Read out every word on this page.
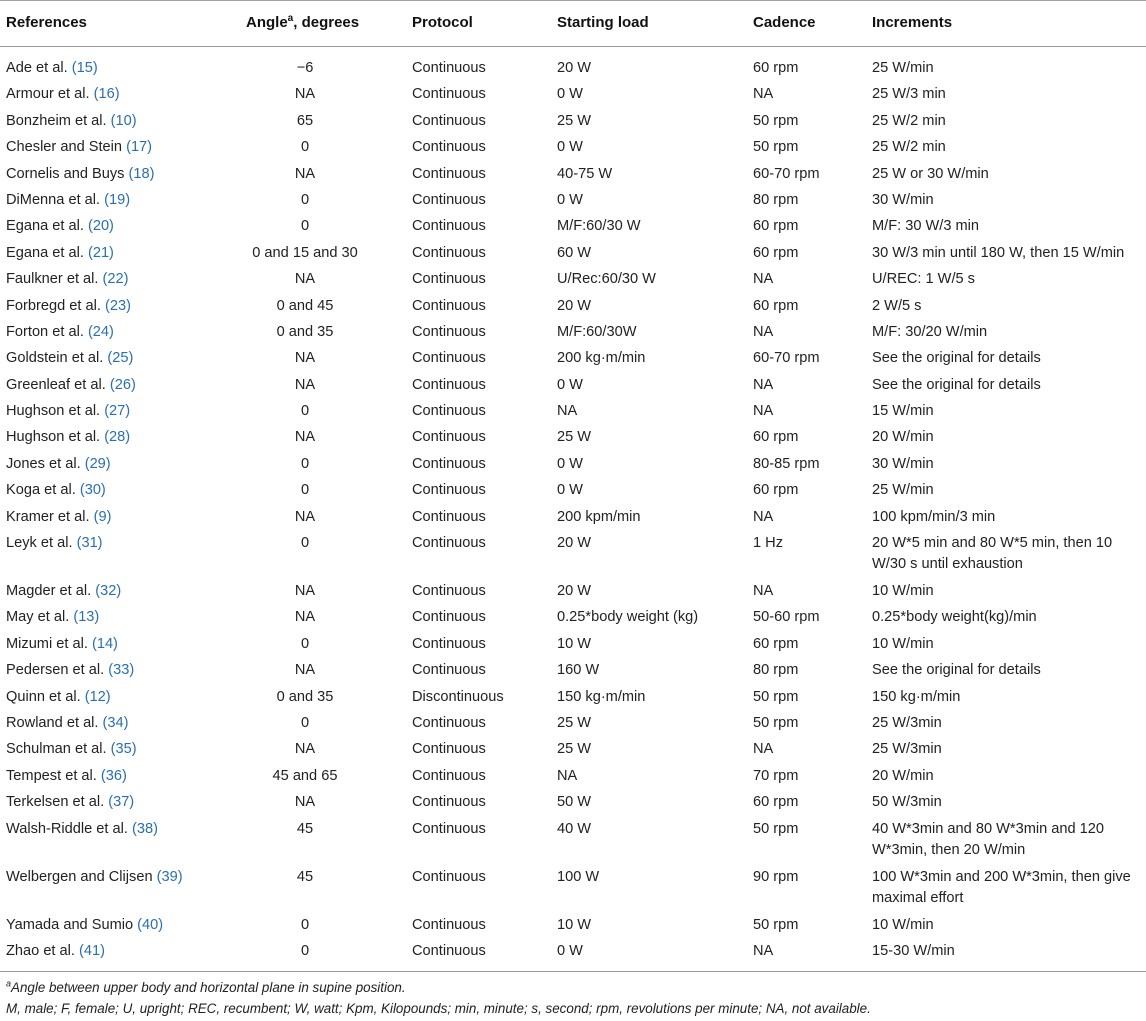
References	Angle$^a$, degrees	Protocol	Starting load	Cadence	Increments
Ade et al. (15)	−6	Continuous	20 W	60 rpm	25 W/min
Armour et al. (16)	NA	Continuous	0 W	NA	25 W/3 min
Bonzheim et al. (10)	65	Continuous	25 W	50 rpm	25 W/2 min
Chesler and Stein (17)	0	Continuous	0 W	50 rpm	25 W/2 min
Cornelis and Buys (18)	NA	Continuous	40-75 W	60-70 rpm	25 W or 30 W/min
DiMenna et al. (19)	0	Continuous	0 W	80 rpm	30 W/min
Egana et al. (20)	0	Continuous	M/F:60/30 W	60 rpm	M/F: 30 W/3 min
Egana et al. (21)	0 and 15 and 30	Continuous	60 W	60 rpm	30 W/3 min until 180 W, then 15 W/min
Faulkner et al. (22)	NA	Continuous	U/Rec:60/30 W	NA	U/REC: 1 W/5 s
Forbregd et al. (23)	0 and 45	Continuous	20 W	60 rpm	2 W/5 s
Forton et al. (24)	0 and 35	Continuous	M/F:60/30W	NA	M/F: 30/20 W/min
Goldstein et al. (25)	NA	Continuous	200 kg·m/min	60-70 rpm	See the original for details
Greenleaf et al. (26)	NA	Continuous	0 W	NA	See the original for details
Hughson et al. (27)	0	Continuous	NA	NA	15 W/min
Hughson et al. (28)	NA	Continuous	25 W	60 rpm	20 W/min
Jones et al. (29)	0	Continuous	0 W	80-85 rpm	30 W/min
Koga et al. (30)	0	Continuous	0 W	60 rpm	25 W/min
Kramer et al. (9)	NA	Continuous	200 kpm/min	NA	100 kpm/min/3 min
Leyk et al. (31)	0	Continuous	20 W	1 Hz	20 W*5 min and 80 W*5 min, then 10 W/30 s until exhaustion
Magder et al. (32)	NA	Continuous	20 W	NA	10 W/min
May et al. (13)	NA	Continuous	0.25*body weight (kg)	50-60 rpm	0.25*body weight(kg)/min
Mizumi et al. (14)	0	Continuous	10 W	60 rpm	10 W/min
Pedersen et al. (33)	NA	Continuous	160 W	80 rpm	See the original for details
Quinn et al. (12)	0 and 35	Discontinuous	150 kg·m/min	50 rpm	150 kg·m/min
Rowland et al. (34)	0	Continuous	25 W	50 rpm	25 W/3min
Schulman et al. (35)	NA	Continuous	25 W	NA	25 W/3min
Tempest et al. (36)	45 and 65	Continuous	NA	70 rpm	20 W/min
Terkelsen et al. (37)	NA	Continuous	50 W	60 rpm	50 W/3min
Walsh-Riddle et al. (38)	45	Continuous	40 W	50 rpm	40 W*3min and 80 W*3min and 120 W*3min, then 20 W/min
Welbergen and Clijsen (39)	45	Continuous	100 W	90 rpm	100 W*3min and 200 W*3min, then give maximal effort
Yamada and Sumio (40)	0	Continuous	10 W	50 rpm	10 W/min
Zhao et al. (41)	0	Continuous	0 W	NA	15-30 W/min
$^a$Angle between upper body and horizontal plane in supine position.
M, male; F, female; U, upright; REC, recumbent; W, watt; Kpm, Kilopounds; min, minute; s, second; rpm, revolutions per minute; NA, not available.
